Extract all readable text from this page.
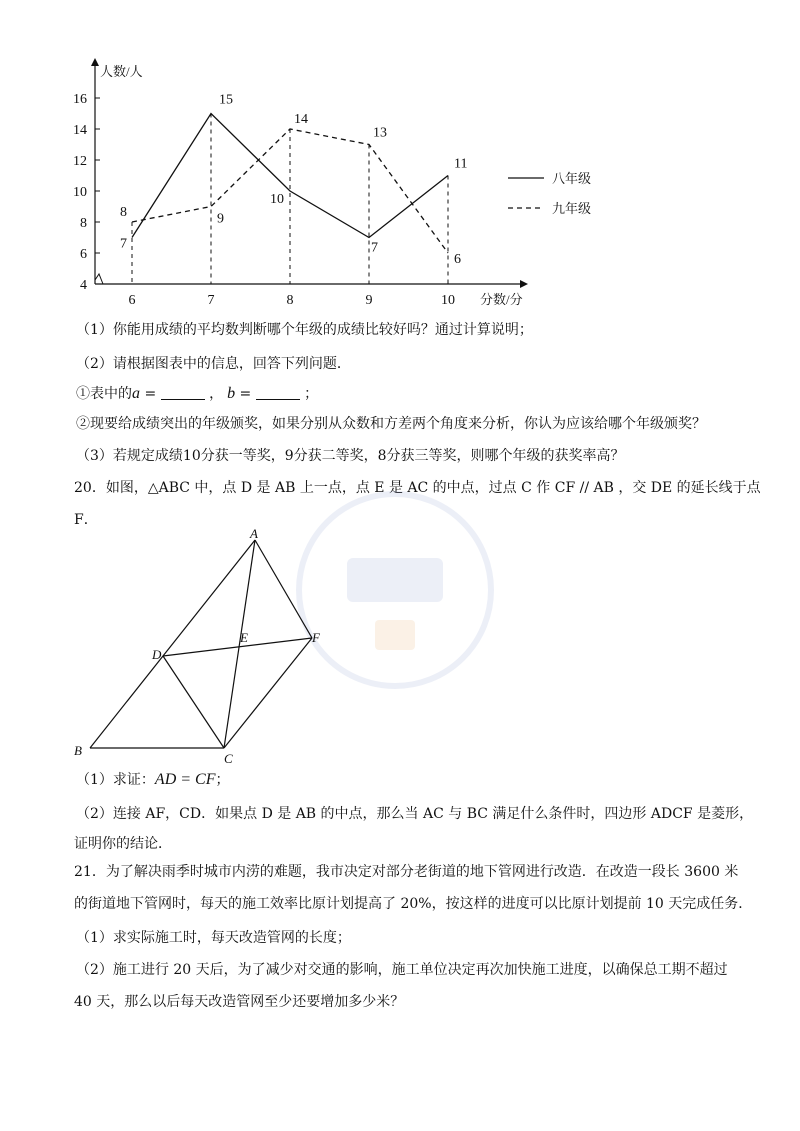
4
6
8
10
12
14
16
6	7	8	9	10
7
8
15
9
10
14
7
13
11
6
人数/人
分数/分
八年级
九年级
（1）你能用成绩的平均数判断哪个年级的成绩比较好吗？通过计算说明；
（2）请根据图表中的信息，回答下列问题．
①表中的a =	， b =	；
②现要给成绩突出的年级颁奖，如果分别从众数和方差两个角度来分析，你认为应该给哪个年级颁奖？
（3）若规定成绩10分获一等奖，9分获二等奖，8分获三等奖，则哪个年级的获奖率高？
20．如图，△ABC 中，点 D 是 AB 上一点，点 E 是 AC 的中点，过点 C 作 CF // AB ，交 DE 的延长线于点
F．
A
B
C
D
E	F
（1）求证：AD = CF；
（2）连接 AF，CD．如果点 D 是 AB 的中点，那么当 AC 与 BC 满足什么条件时，四边形 ADCF 是菱形，
证明你的结论．
21．为了解决雨季时城市内涝的难题，我市决定对部分老街道的地下管网进行改造．在改造一段长 3600 米
的街道地下管网时，每天的施工效率比原计划提高了 20%，按这样的进度可以比原计划提前 10 天完成任务．
（1）求实际施工时，每天改造管网的长度；
（2）施工进行 20 天后，为了减少对交通的影响，施工单位决定再次加快施工进度，以确保总工期不超过
40 天，那么以后每天改造管网至少还要增加多少米？
